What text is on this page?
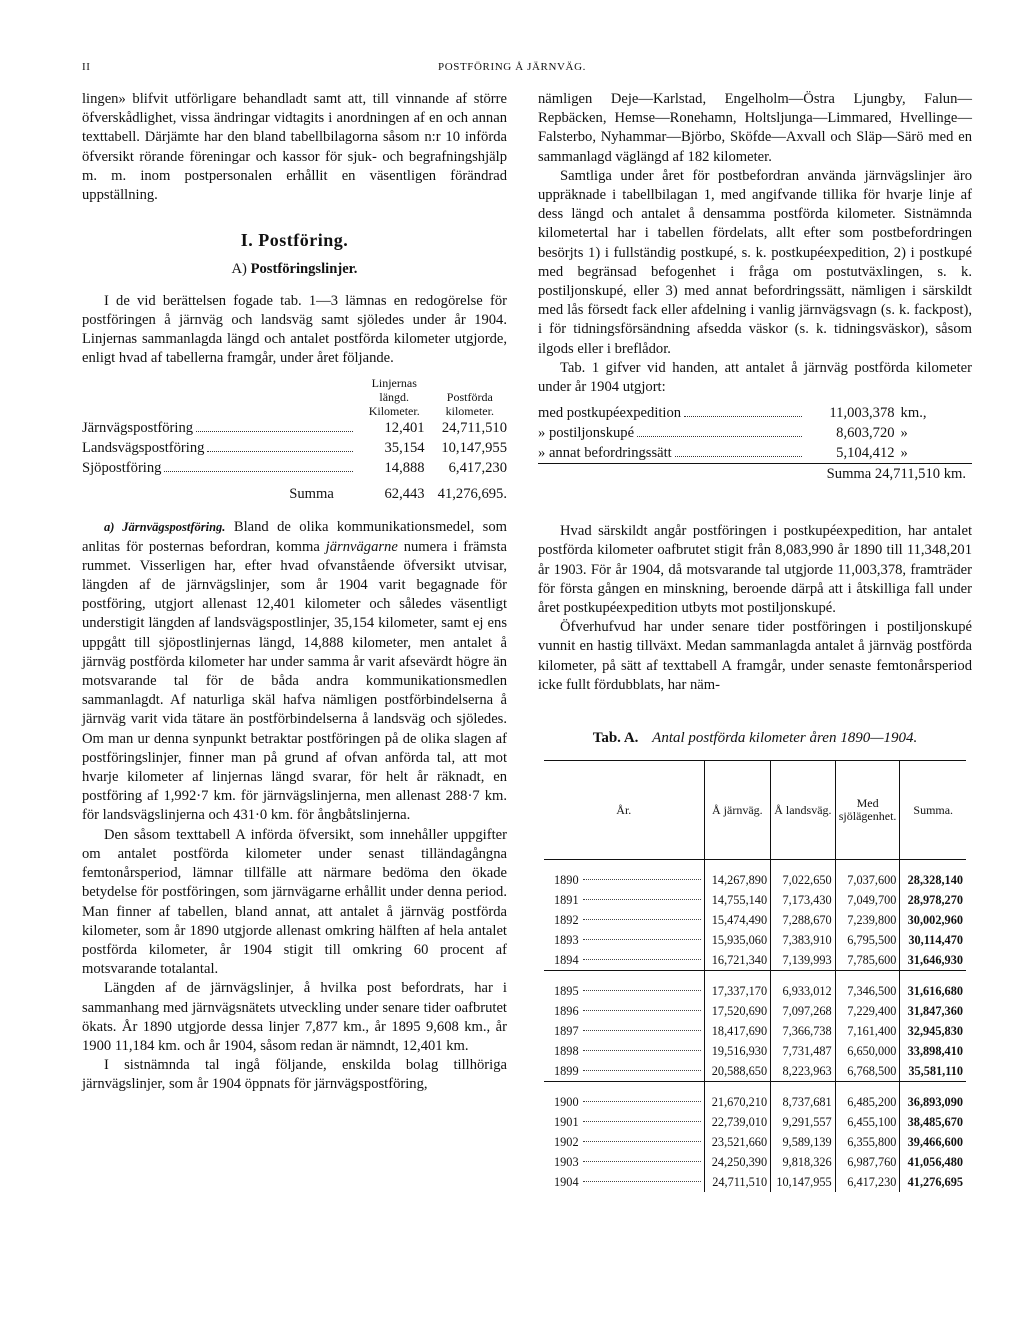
II	POSTFÖRING Å JÄRNVÄG.

lingen» blifvit utförligare behandladt samt att, till vinnande af större öfverskådlighet, vissa ändringar vidtagits i anordningen af en och annan texttabell. Därjämte har den bland tabellbilagorna såsom n:r 10 införda öfversikt rörande föreningar och kassor för sjuk- och begrafningshjälp m. m. inom postpersonalen erhållit en väsentligen förändrad uppställning.

I. Postföring.
A) Postföringslinjer.

I de vid berättelsen fogade tab. 1—3 lämnas en redogörelse för postföringen å järnväg och landsväg samt sjöledes under år 1904. Linjernas sammanlagda längd och antalet postförda kilometer utgjorde, enligt hvad af tabellerna framgår, under året följande.

	Linjernas längd. Kilometer.	Postförda kilometer.

Järnvägspostföring	12,401	24,711,510

Landsvägspostföring	35,154	10,147,955

Sjöpostföring	14,888	6,417,230
Summa	62,443	41,276,695.

a) Järnvägspostföring. Bland de olika kommunikationsmedel, som anlitas för posternas befordran, komma järnvägarne numera i främsta rummet. Visserligen har, efter hvad ofvanstående öfversikt utvisar, längden af de järnvägslinjer, som år 1904 varit begagnade för postföring, utgjort allenast 12,401 kilometer och således väsentligt understigit längden af landsvägspostlinjer, 35,154 kilometer, samt ej ens uppgått till sjöpostlinjernas längd, 14,888 kilometer, men antalet å järnväg postförda kilometer har under samma år varit afsevärdt högre än motsvarande tal för de båda andra kommunikationsmedlen sammanlagdt. Af naturliga skäl hafva nämligen postförbindelserna å järnväg varit vida tätare än postförbindelserna å landsväg och sjöledes. Om man ur denna synpunkt betraktar postföringen på de olika slagen af postföringslinjer, finner man på grund af ofvan anförda tal, att mot hvarje kilometer af linjernas längd svarar, för helt år räknadt, en postföring af 1,992·7 km. för järnvägslinjerna, men allenast 288·7 km. för landsvägslinjerna och 431·0 km. för ångbåtslinjerna.

Den såsom texttabell A införda öfversikt, som innehåller uppgifter om antalet postförda kilometer under senast tilländagångna femtonårsperiod, lämnar tillfälle att närmare bedöma den ökade betydelse för postföringen, som järnvägarne erhållit under denna period. Man finner af tabellen, bland annat, att antalet å järnväg postförda kilometer, som år 1890 utgjorde allenast omkring hälften af hela antalet postförda kilometer, år 1904 stigit till omkring 60 procent af motsvarande totalantal.

Längden af de järnvägslinjer, å hvilka post befordrats, har i sammanhang med järnvägsnätets utveckling under senare tider oafbrutet ökats. År 1890 utgjorde dessa linjer 7,877 km., år 1895 9,608 km., år 1900 11,184 km. och år 1904, såsom redan är nämndt, 12,401 km.

I sistnämnda tal ingå följande, enskilda bolag tillhöriga järnvägslinjer, som år 1904 öppnats för järnvägspostföring,

nämligen Deje—Karlstad, Engelholm—Östra Ljungby, Falun—Repbäcken, Hemse—Ronehamn, Holtsljunga—Limmared, Hvellinge—Falsterbo, Nyhammar—Björbo, Sköfde—Axvall och Släp—Särö med en sammanlagd väglängd af 182 kilometer.

Samtliga under året för postbefordran använda järnvägslinjer äro uppräknade i tabellbilagan 1, med angifvande tillika för hvarje linje af dess längd och antalet å densamma postförda kilometer. Sistnämnda kilometertal har i tabellen fördelats, allt efter som postbefordringen besörjts 1) i fullständig postkupé, s. k. postkupéexpedition, 2) i postkupé med begränsad befogenhet i fråga om postutväxlingen, s. k. postiljonskupé, eller 3) med annat befordringssätt, nämligen i särskildt med lås försedt fack eller afdelning i vanlig järnvägsvagn (s. k. fackpost), i för tidningsförsändning afsedda väskor (s. k. tidningsväskor), såsom ilgods eller i breflådor.

Tab. 1 gifver vid handen, att antalet å järnväg postförda kilometer under år 1904 utgjort:

med postkupéexpedition	11,003,378	km.,

» postiljonskupé	8,603,720	»

» annat befordringssätt	5,104,412	»
	Summa 24,711,510 km.	

Hvad särskildt angår postföringen i postkupéexpedition, har antalet postförda kilometer oafbrutet stigit från 8,083,990 år 1890 till 11,348,201 år 1903. För år 1904, då motsvarande tal utgjorde 11,003,378, framträder för första gången en minskning, beroende därpå att i åtskilliga fall under året postkupéexpedition utbyts mot postiljonskupé.

Öfverhufvud har under senare tider postföringen i postiljonskupé vunnit en hastig tillväxt. Medan sammanlagda antalet å järnväg postförda kilometer, på sätt af texttabell A framgår, under senaste femtonårsperiod icke fullt fördubblats, har näm-

Tab. A. Antal postförda kilometer åren 1890—1904.
År.	Å järnväg.	Å landsväg.	Med sjölägenhet.	Summa.

1890	14,267,890	7,022,650	7,037,600	28,328,140
1891	14,755,140	7,173,430	7,049,700	28,978,270
1892	15,474,490	7,288,670	7,239,800	30,002,960
1893	15,935,060	7,383,910	6,795,500	30,114,470
1894	16,721,340	7,139,993	7,785,600	31,646,930

1895	17,337,170	6,933,012	7,346,500	31,616,680
1896	17,520,690	7,097,268	7,229,400	31,847,360
1897	18,417,690	7,366,738	7,161,400	32,945,830
1898	19,516,930	7,731,487	6,650,000	33,898,410
1899	20,588,650	8,223,963	6,768,500	35,581,110

1900	21,670,210	8,737,681	6,485,200	36,893,090
1901	22,739,010	9,291,557	6,455,100	38,485,670
1902	23,521,660	9,589,139	6,355,800	39,466,600
1903	24,250,390	9,818,326	6,987,760	41,056,480
1904	24,711,510	10,147,955	6,417,230	41,276,695
